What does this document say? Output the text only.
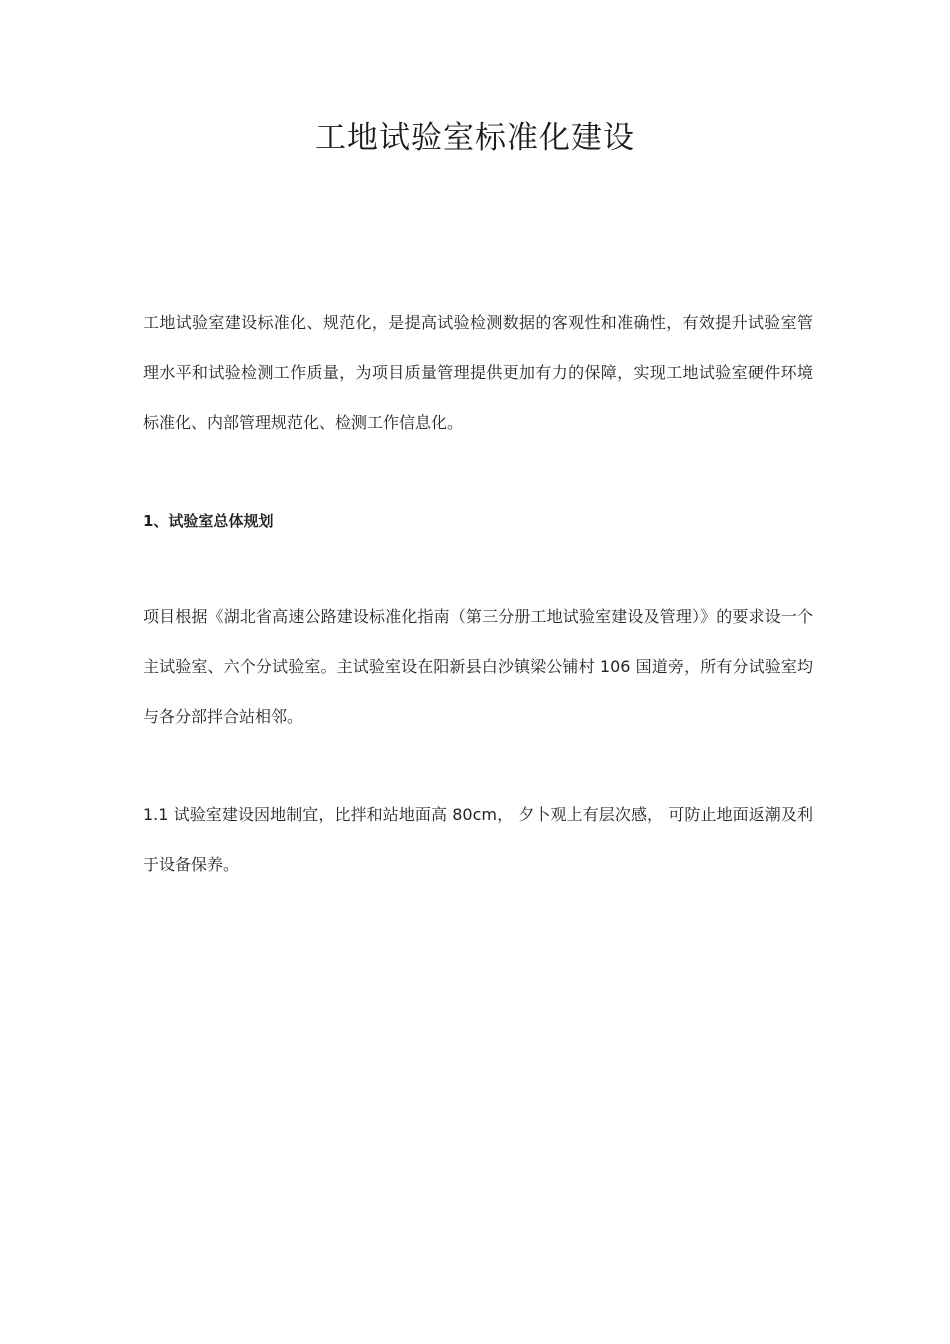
工地试验室标准化建设

工地试验室建设标准化、规范化，是提高试验检测数据的客观性和准确性，有效提升试验室管理水平和试验检测工作质量，为项目质量管理提供更加有力的保障，实现工地试验室硬件环境标准化、内部管理规范化、检测工作信息化。

1、试验室总体规划

项目根据《湖北省高速公路建设标准化指南（第三分册工地试验室建设及管理）》的要求设一个主试验室、六个分试验室。主试验室设在阳新县白沙镇梁公铺村 106 国道旁，所有分试验室均与各分部拌合站相邻。

1.1 试验室建设因地制宜，比拌和站地面高 80cm， 夕卜观上有层次感， 可防止地面返潮及利于设备保养。
